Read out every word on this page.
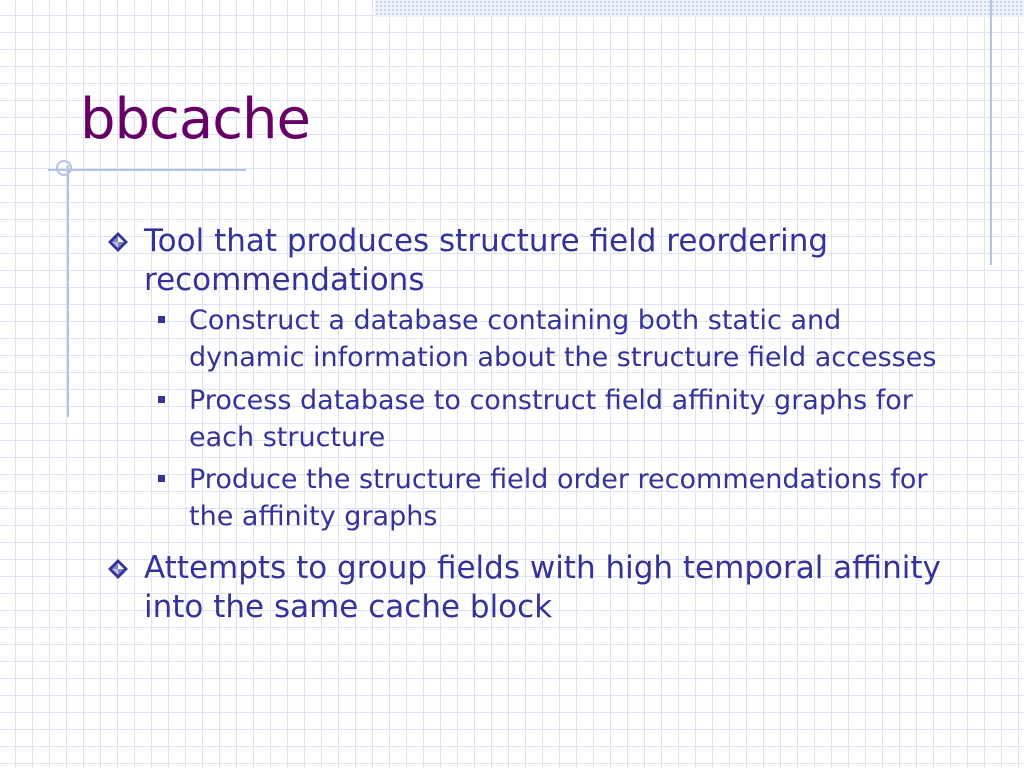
bbcache
Tool that produces structure field reordering recommendations
Construct a database containing both static and dynamic information about the structure field accesses
Process database to construct field affinity graphs for each structure
Produce the structure field order recommendations for the affinity graphs
Attempts to group fields with high temporal affinity into the same cache block
